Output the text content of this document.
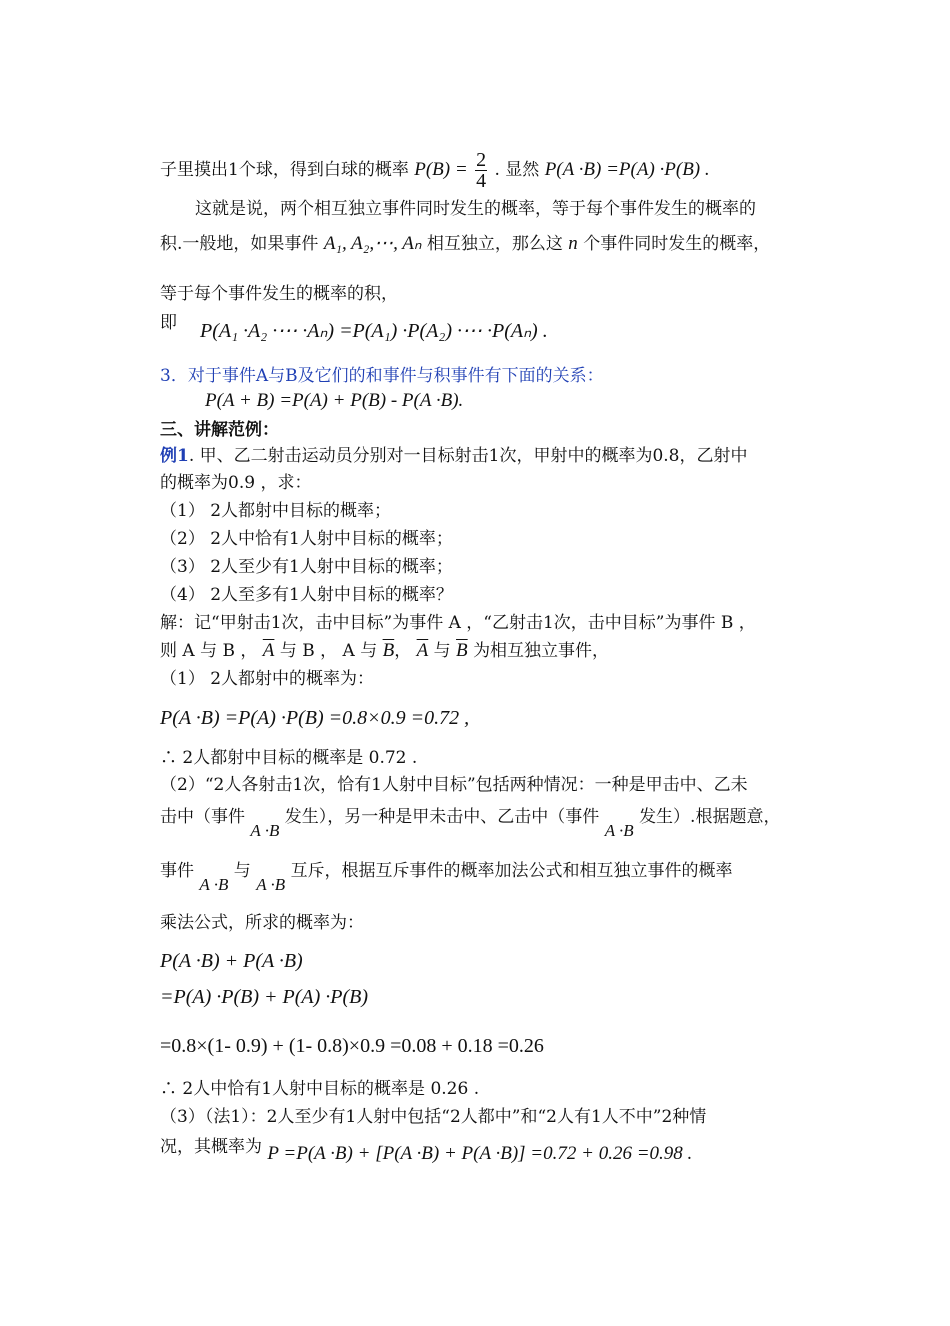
子里摸出1个球，得到白球的概率 $P(B) = \frac{2}{4}$ . 显然 P(A ·B) =P(A) ·P(B) .
这就是说，两个相互独立事件同时发生的概率，等于每个事件发生的概率的
积.一般地，如果事件 A₁, A₂,⋯, Aₙ 相互独立，那么这 n 个事件同时发生的概率，
等于每个事件发生的概率的积，
即 P(A₁ ·A₂ ·⋯ ·Aₙ) =P(A₁) ·P(A₂) ·⋯ ·P(Aₙ) .
3．对于事件A与B及它们的和事件与积事件有下面的关系：
P(A + B) =P(A) + P(B) - P(A ·B).
三、讲解范例：
例1. 甲、乙二射击运动员分别对一目标射击1次，甲射中的概率为0.8，乙射中
的概率为0.9 ，求：
（1） 2人都射中目标的概率；
（2） 2人中恰有1人射中目标的概率；
（3） 2人至少有1人射中目标的概率；
（4） 2人至多有1人射中目标的概率？
解：记“甲射击1次，击中目标”为事件 A ，“乙射击1次，击中目标”为事件 B ，
则 A 与 B ， $\overline{A}$ 与 B ， A 与 $\overline{B}$， $\overline{A}$ 与 $\overline{B}$ 为相互独立事件，
（1） 2人都射中的概率为：
P(A ·B) =P(A) ·P(B) =0.8×0.9 =0.72 ,
∴ 2人都射中目标的概率是 0.72 .
（2）“2人各射击1次，恰有1人射中目标”包括两种情况：一种是甲击中、乙未
击中（事件 A ·B 发生），另一种是甲未击中、乙击中（事件 A ·B 发生）.根据题意，
事件 A ·B 与 A ·B 互斥，根据互斥事件的概率加法公式和相互独立事件的概率
乘法公式，所求的概率为：
P(A ·B) + P(A ·B)
=P(A) ·P(B) + P(A) ·P(B)
=0.8×(1- 0.9) + (1- 0.8)×0.9 =0.08 + 0.18 =0.26
∴ 2人中恰有1人射中目标的概率是 0.26 .
（3）（法1）：2人至少有1人射中包括“2人都中”和“2人有1人不中”2种情
况，其概率为 P =P(A ·B) + [P(A ·B) + P(A ·B)] =0.72 + 0.26 =0.98 .
